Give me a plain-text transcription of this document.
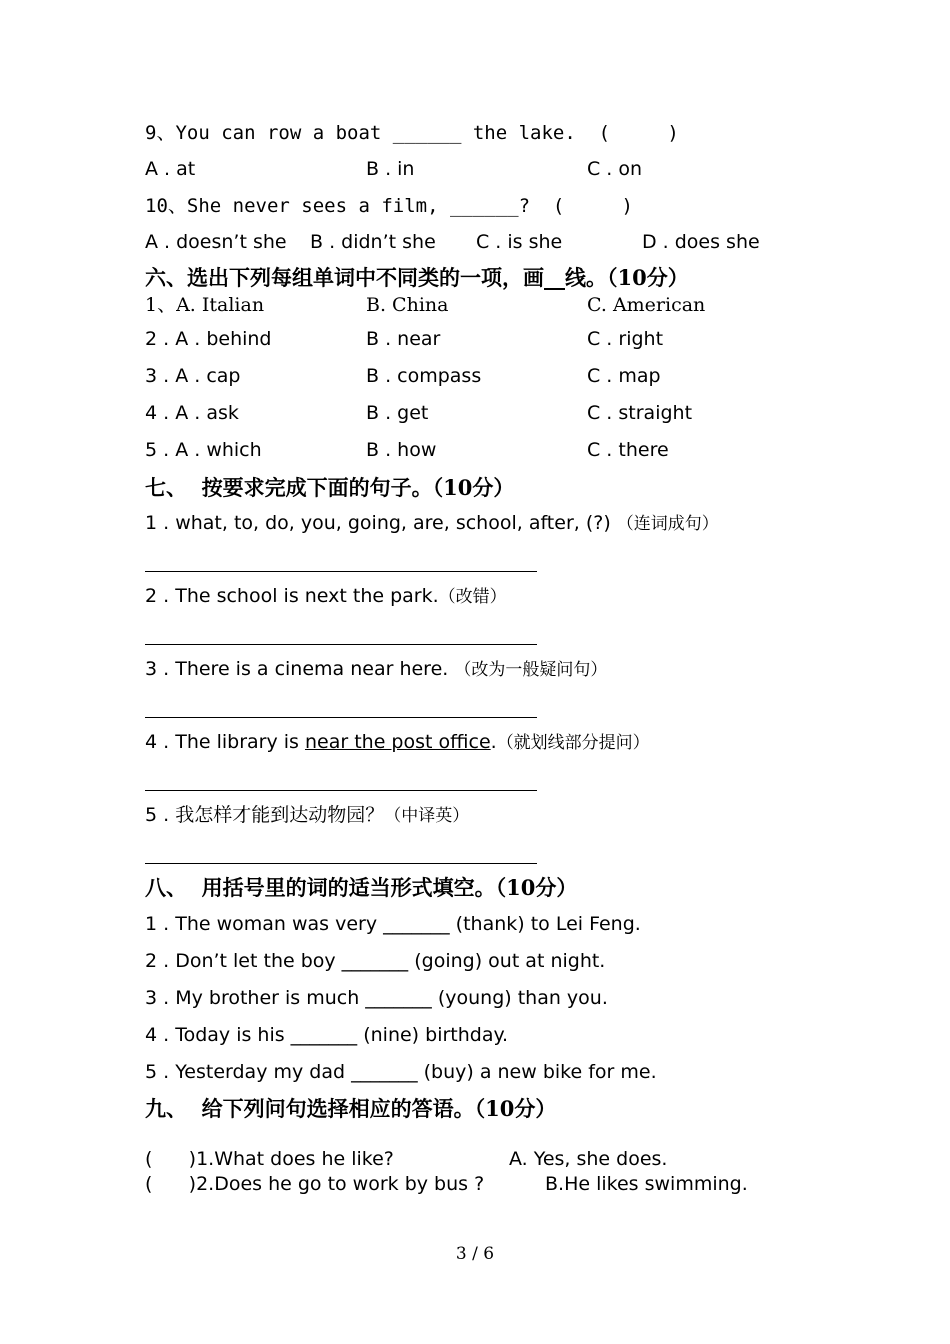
9、You can row a boat ______ the lake.  (     )
A . at	B . in	C . on
10、She never sees a film, ______?  (     )
A . doesn’t she B . didn’t she C . is she	D . does she
六、选出下列每组单词中不同类的一项，画__线。（10分）
1、A. Italian	B. China	C. American
2 . A . behind	B . near	C . right
3 . A . cap	B . compass	C . map
4 . A . ask	B . get	C . straight
5 . A . which	B . how	C . there
七、  按要求完成下面的句子。（10分）
1 . what, to, do, you, going, are, school, after, (?) （连词成句）
2 . The school is next the park.（改错）
3 . There is a cinema near here. （改为一般疑问句）
4 . The library is near the post office.（就划线部分提问）
5 . 我怎样才能到达动物园？（中译英）
八、  用括号里的词的适当形式填空。（10分）
1 . The woman was very _______ (thank) to Lei Feng.
2 . Don’t let the boy _______ (going) out at night.
3 . My brother is much _______ (young) than you.
4 . Today is his _______ (nine) birthday.
5 . Yesterday my dad _______ (buy) a new bike for me.
九、  给下列问句选择相应的答语。（10分）
(      )1.What does he like?	A. Yes, she does.
(      )2.Does he go to work by bus ?	B.He likes swimming.
3 / 6
